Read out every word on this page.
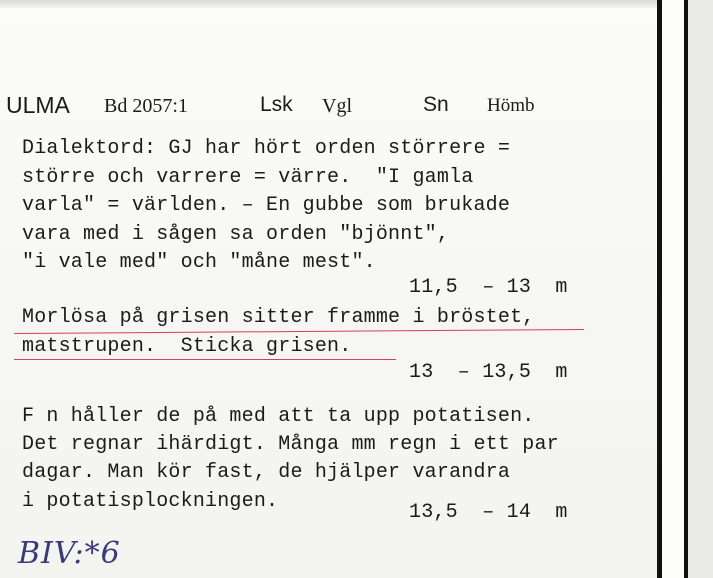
ULMA Bd 2057:1	Lsk Vgl	Sn Hömb
Dialektord: GJ har hört orden störrere =
större och varrere = värre.  "I gamla
varla" = världen. – En gubbe som brukade
vara med i sågen sa orden "bjönnt",
"i vale med" och "måne mest".
11,5  – 13  m
Morlösa på grisen sitter framme i bröstet,
matstrupen.  Sticka grisen.
13  – 13,5  m
F n håller de på med att ta upp potatisen.
Det regnar ihärdigt. Många mm regn i ett par
dagar. Man kör fast, de hjälper varandra
i potatisplockningen.	13,5  – 14  m
BIV:*6
